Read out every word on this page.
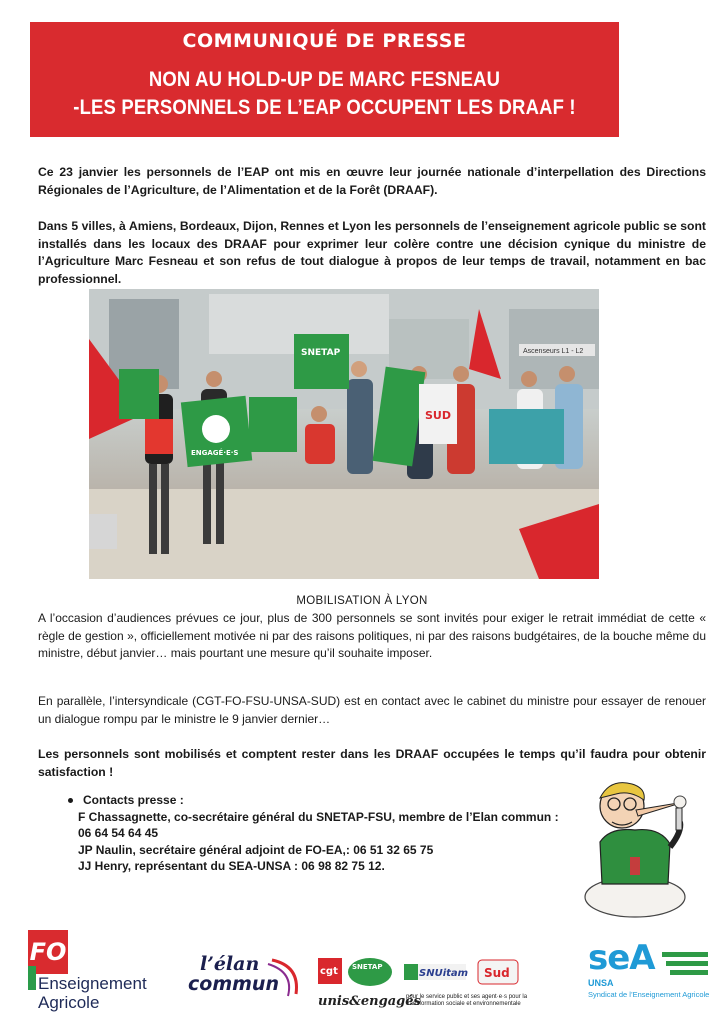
COMMUNIQUÉ DE PRESSE
NON AU HOLD-UP DE MARC FESNEAU
-LES PERSONNELS DE L’EAP OCCUPENT LES DRAAF !
Ce 23 janvier les personnels de l’EAP ont mis en œuvre leur journée nationale d’interpellation des Directions Régionales de l’Agriculture, de l’Alimentation et de la Forêt (DRAAF).
Dans 5 villes, à Amiens, Bordeaux, Dijon, Rennes et Lyon les personnels de l’enseignement agricole public se sont installés dans les locaux des DRAAF pour exprimer leur colère contre une décision cynique du ministre de l’Agriculture Marc Fesneau et son refus de tout dialogue à propos de leur temps de travail, notamment en bac professionnel.
Ascenseurs L1 - L2
SNETAP
ENGAGÉ·E·S
SUD
MOBILISATION À LYON
A l’occasion d’audiences prévues ce jour, plus de 300 personnels se sont invités pour exiger le retrait immédiat de cette « règle de gestion », officiellement motivée ni par des raisons politiques, ni par des raisons budgétaires, de la bouche même du ministre, début janvier… mais pourtant une mesure qu’il souhaite imposer.
En parallèle, l’intersyndicale (CGT-FO-FSU-UNSA-SUD) est en contact avec le cabinet du ministre pour essayer de renouer un dialogue rompu par le ministre le 9 janvier dernier…
Les personnels sont mobilisés et comptent rester dans les DRAAF occupées le temps qu’il faudra pour obtenir satisfaction !
Contacts presse :
F Chassagnette, co-secrétaire général du SNETAP-FSU, membre de l’Elan commun :
06 64 54 64 45
JP Naulin, secrétaire général adjoint de FO-EA,: 06 51 32 65 75
JJ Henry, représentant du SEA-UNSA : 06 98 82 75 12.
FO
Enseignement
Agricole
l’élan
commun
cgt SNETAP
SNUitam Sud
unis&engagés
pour le service public et ses agent·e·s pour la transformation sociale et environnementale
seA
UNSA
Syndicat de l’Enseignement Agricole
